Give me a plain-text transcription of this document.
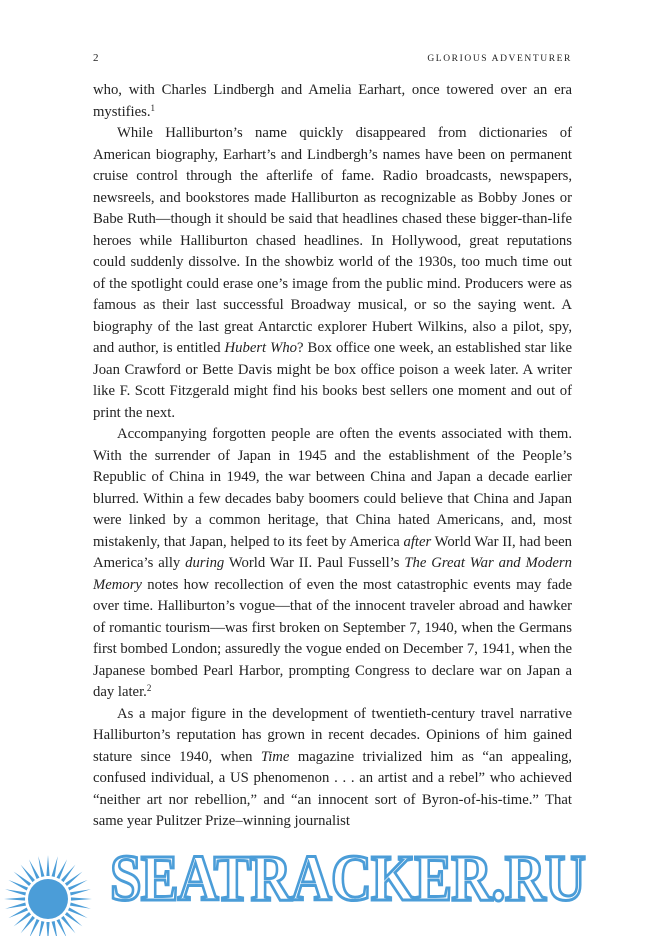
2	GLORIOUS ADVENTURER

who, with Charles Lindbergh and Amelia Earhart, once towered over an era mystifies.$^1$

While Halliburton’s name quickly disappeared from dictionaries of American biography, Earhart’s and Lindbergh’s names have been on permanent cruise control through the afterlife of fame. Radio broadcasts, newspapers, newsreels, and bookstores made Halliburton as recognizable as Bobby Jones or Babe Ruth—though it should be said that headlines chased these bigger-than-life heroes while Halliburton chased headlines. In Hollywood, great reputations could suddenly dissolve. In the showbiz world of the 1930s, too much time out of the spotlight could erase one’s image from the public mind. Producers were as famous as their last successful Broadway musical, or so the saying went. A biography of the last great Antarctic explorer Hubert Wilkins, also a pilot, spy, and author, is entitled Hubert Who? Box office one week, an established star like Joan Crawford or Bette Davis might be box office poison a week later. A writer like F. Scott Fitzgerald might find his books best sellers one moment and out of print the next.

Accompanying forgotten people are often the events associated with them. With the surrender of Japan in 1945 and the establishment of the People’s Republic of China in 1949, the war between China and Japan a decade earlier blurred. Within a few decades baby boomers could believe that China and Japan were linked by a common heritage, that China hated Americans, and, most mistakenly, that Japan, helped to its feet by America after World War II, had been America’s ally during World War II. Paul Fussell’s The Great War and Modern Memory notes how recollection of even the most catastrophic events may fade over time. Halliburton’s vogue—that of the innocent traveler abroad and hawker of romantic tourism—was first broken on September 7, 1940, when the Germans first bombed London; assuredly the vogue ended on December 7, 1941, when the Japanese bombed Pearl Harbor, prompting Congress to declare war on Japan a day later.$^2$

As a major figure in the development of twentieth-century travel narrative Halliburton’s reputation has grown in recent decades. Opinions of him gained stature since 1940, when Time magazine trivialized him as “an appealing, confused individual, a US phenomenon . . . an artist and a rebel” who achieved “neither art nor rebellion,” and “an innocent sort of Byron-of-his-time.” That same year Pulitzer Prize–winning journalist

SEATRACKER.RU
